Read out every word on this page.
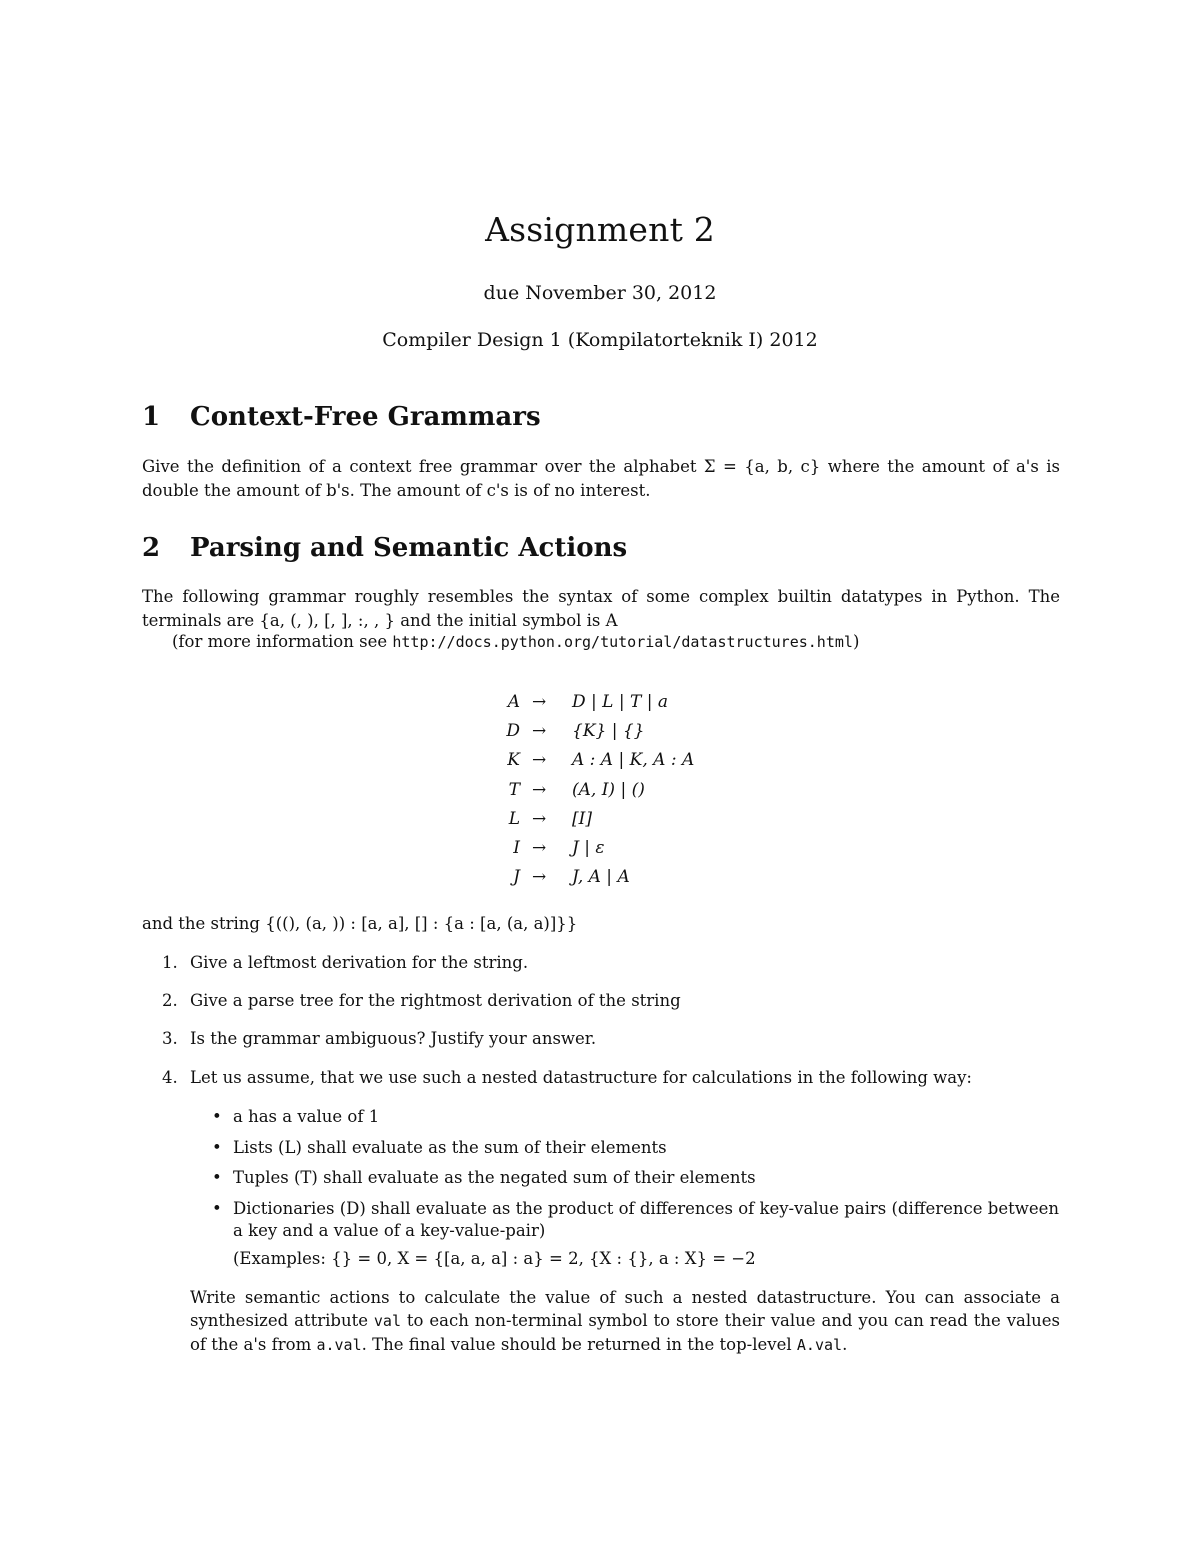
Assignment 2
due November 30, 2012
Compiler Design 1 (Kompilatorteknik I) 2012
1 Context-Free Grammars
Give the definition of a context free grammar over the alphabet Σ = {a, b, c} where the amount of a's is double the amount of b's. The amount of c's is of no interest.
2 Parsing and Semantic Actions
The following grammar roughly resembles the syntax of some complex builtin datatypes in Python. The terminals are {a, (, ), [, ], :, , } and the initial symbol is A
(for more information see http://docs.python.org/tutorial/datastructures.html)
A → D | L | T | a
D → {K} | {}
K → A : A | K, A : A
T → (A, I) | ()
L → [I]
I → J | ε
J → J, A | A
and the string {((), (a, )) : [a, a], [] : {a : [a, (a, a)]}}
1. Give a leftmost derivation for the string.
2. Give a parse tree for the rightmost derivation of the string
3. Is the grammar ambiguous? Justify your answer.
4. Let us assume, that we use such a nested datastructure for calculations in the following way:
• a has a value of 1
• Lists (L) shall evaluate as the sum of their elements
• Tuples (T) shall evaluate as the negated sum of their elements
• Dictionaries (D) shall evaluate as the product of differences of key-value pairs (difference between a key and a value of a key-value-pair)
(Examples: {} = 0, X = {[a, a, a] : a} = 2, {X : {}, a : X} = −2
Write semantic actions to calculate the value of such a nested datastructure. You can associate a synthesized attribute val to each non-terminal symbol to store their value and you can read the values of the a's from a.val. The final value should be returned in the top-level A.val.
